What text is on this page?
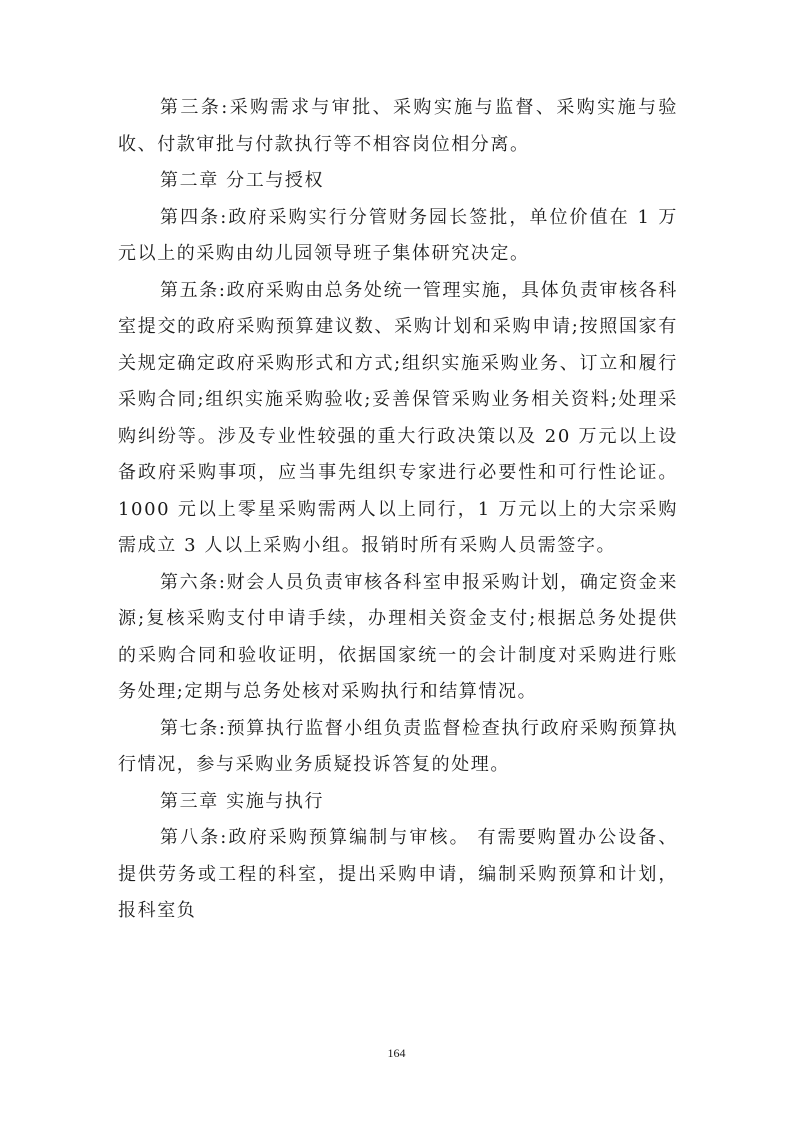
第三条:采购需求与审批、采购实施与监督、采购实施与验收、付款审批与付款执行等不相容岗位相分离。

第二章 分工与授权

第四条:政府采购实行分管财务园长签批，单位价值在 1 万元以上的采购由幼儿园领导班子集体研究决定。

第五条:政府采购由总务处统一管理实施，具体负责审核各科室提交的政府采购预算建议数、采购计划和采购申请;按照国家有关规定确定政府采购形式和方式;组织实施采购业务、订立和履行采购合同;组织实施采购验收;妥善保管采购业务相关资料;处理采购纠纷等。涉及专业性较强的重大行政决策以及 20 万元以上设备政府采购事项，应当事先组织专家进行必要性和可行性论证。1000 元以上零星采购需两人以上同行，1 万元以上的大宗采购需成立 3 人以上采购小组。报销时所有采购人员需签字。

第六条:财会人员负责审核各科室申报采购计划，确定资金来源;复核采购支付申请手续，办理相关资金支付;根据总务处提供的采购合同和验收证明，依据国家统一的会计制度对采购进行账务处理;定期与总务处核对采购执行和结算情况。

第七条:预算执行监督小组负责监督检查执行政府采购预算执行情况，参与采购业务质疑投诉答复的处理。

第三章 实施与执行

第八条:政府采购预算编制与审核。 有需要购置办公设备、提供劳务或工程的科室，提出采购申请，编制采购预算和计划，报科室负

164
